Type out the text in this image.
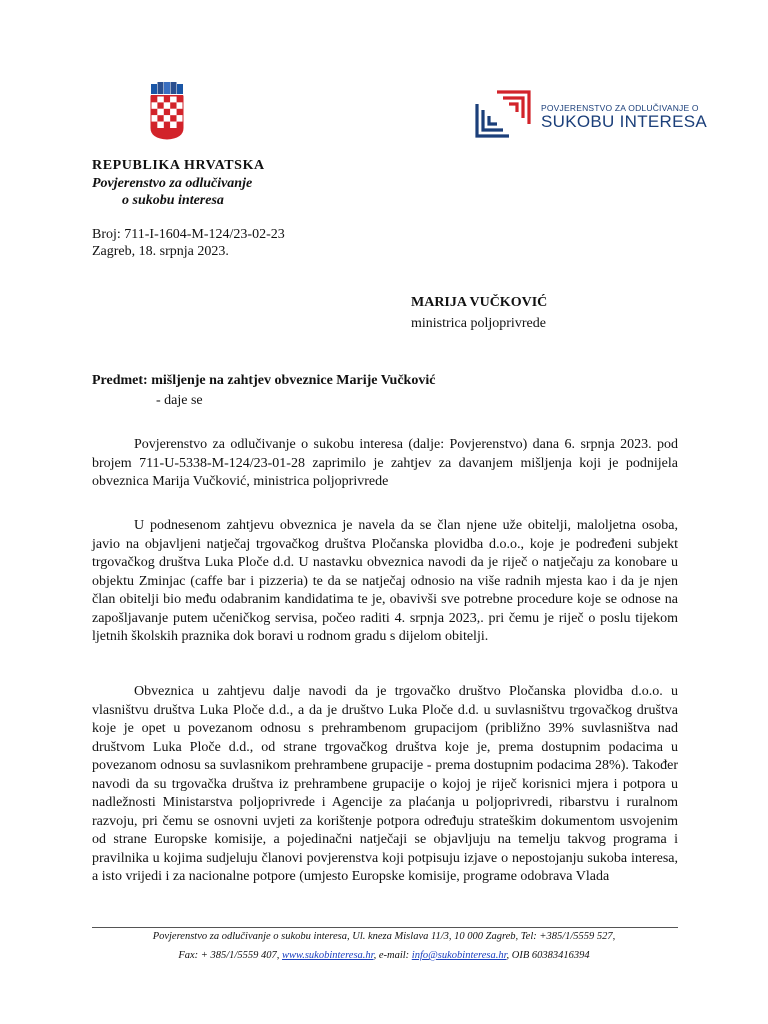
POVJERENSTVO ZA ODLUČIVANJE O
SUKOBU INTERESA
REPUBLIKA HRVATSKA
Povjerenstvo za odlučivanje
o sukobu interesa
Broj: 711-I-1604-M-124/23-02-23
Zagreb, 18. srpnja 2023.
MARIJA VUČKOVIĆ
ministrica poljoprivrede
Predmet: mišljenje na zahtjev obveznice Marije Vučković
- daje se

Povjerenstvo za odlučivanje o sukobu interesa (dalje: Povjerenstvo) dana 6. srpnja 2023. pod brojem 711-U-5338-M-124/23-01-28 zaprimilo je zahtjev za davanjem mišljenja koji je podnijela obveznica Marija Vučković, ministrica poljoprivrede

U podnesenom zahtjevu obveznica je navela da se član njene uže obitelji, maloljetna osoba, javio na objavljeni natječaj trgovačkog društva Pločanska plovidba d.o.o., koje je podređeni subjekt trgovačkog društva Luka Ploče d.d. U nastavku obveznica navodi da je riječ o natječaju za konobare u objektu Zminjac (caffe bar i pizzeria) te da se natječaj odnosio na više radnih mjesta kao i da je njen član obitelji bio među odabranim kandidatima te je, obavivši sve potrebne procedure koje se odnose na zapošljavanje putem učeničkog servisa, počeo raditi 4. srpnja 2023,. pri čemu je riječ o poslu tijekom ljetnih školskih praznika dok boravi u rodnom gradu s dijelom obitelji.

Obveznica u zahtjevu dalje navodi da je trgovačko društvo Pločanska plovidba d.o.o. u vlasništvu društva Luka Ploče d.d., a da je društvo Luka Ploče d.d. u suvlasništvu trgovačkog društva koje je opet u povezanom odnosu s prehrambenom grupacijom (približno 39% suvlasništva nad društvom Luka Ploče d.d., od strane trgovačkog društva koje je, prema dostupnim podacima u povezanom odnosu sa suvlasnikom prehrambene grupacije - prema dostupnim podacima 28%). Također navodi da su trgovačka društva iz prehrambene grupacije o kojoj je riječ korisnici mjera i potpora u nadležnosti Ministarstva poljoprivrede i Agencije za plaćanja u poljoprivredi, ribarstvu i ruralnom razvoju, pri čemu se osnovni uvjeti za korištenje potpora određuju strateškim dokumentom usvojenim od strane Europske komisije, a pojedinačni natječaji se objavljuju na temelju takvog programa i pravilnika u kojima sudjeluju članovi povjerenstva koji potpisuju izjave o nepostojanju sukoba interesa, a isto vrijedi i za nacionalne potpore (umjesto Europske komisije, programe odobrava Vlada

Povjerenstvo za odlučivanje o sukobu interesa, Ul. kneza Mislava 11/3, 10 000 Zagreb, Tel: +385/1/5559 527,
Fax: + 385/1/5559 407, www.sukobinteresa.hr, e-mail: info@sukobinteresa.hr, OIB 60383416394
